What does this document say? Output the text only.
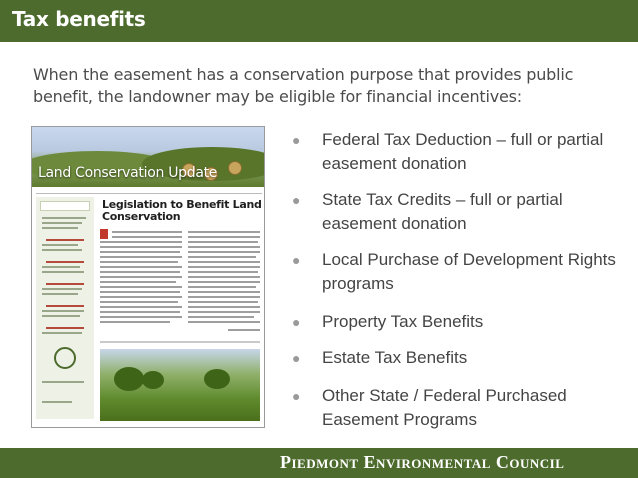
Tax benefits
When the easement has a conservation purpose that provides public benefit, the landowner may be eligible for financial incentives:
Land Conservation Update
Legislation to Benefit Land Conservation
●	Federal Tax Deduction – full or partial easement donation
●	State Tax Credits – full or partial easement donation
●	Local Purchase of Development Rights programs
●	Property Tax Benefits
●	Estate Tax Benefits
●	Other State / Federal Purchased Easement Programs
Piedmont Environmental Council
